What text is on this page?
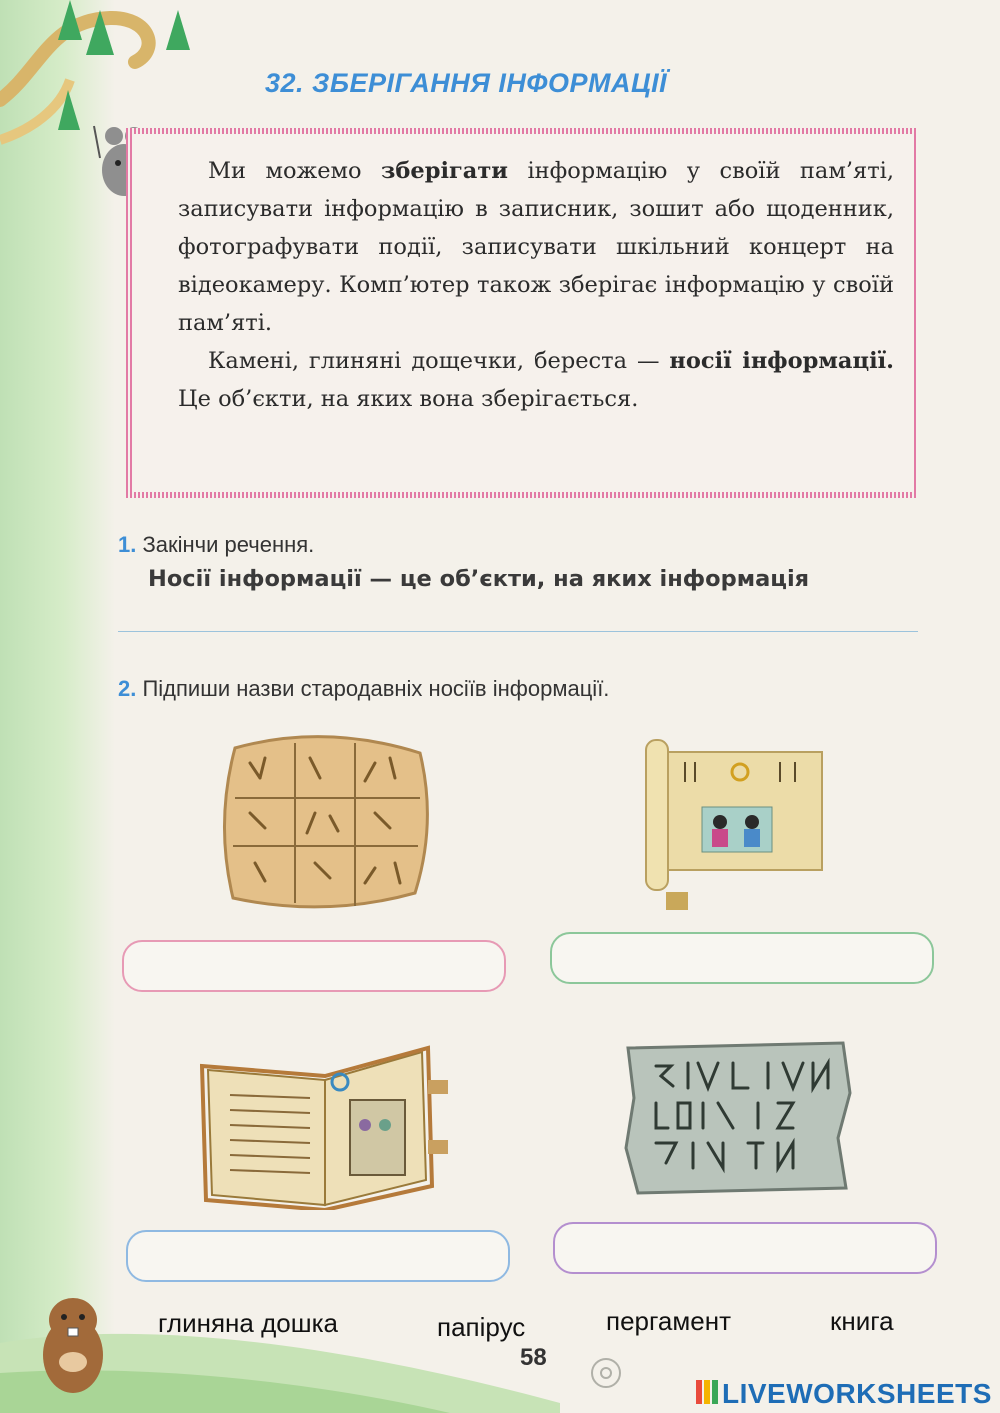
32. ЗБЕРІГАННЯ ІНФОРМАЦІЇ

Ми можемо зберігати інформацію у своїй пам’яті, записувати інформацію в записник, зошит або щоденник, фотографувати події, записувати шкільний концерт на відеокамеру. Комп’ютер також зберігає інформацію у своїй пам’яті.

Камені, глиняні дощечки, береста — носії інформації. Це об’єкти, на яких вона зберігається.

1. Закінчи речення.
Носії інформації — це об’єкти, на яких інформація
2. Підпиши назви стародавніх носіїв інформації.
глиняна дошка	папірус	пергамент	книга
58
LIVEWORKSHEETS
